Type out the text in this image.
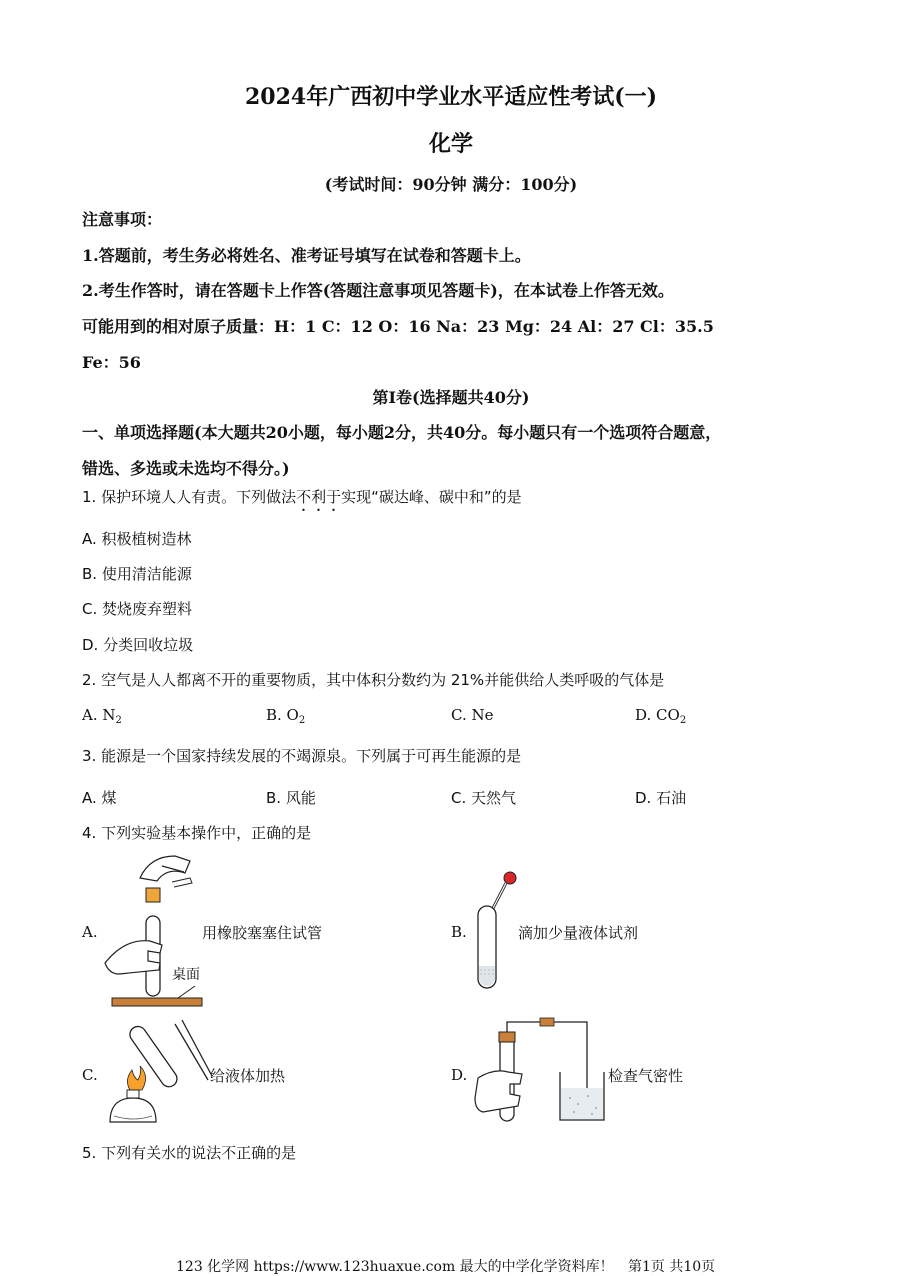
2024年广西初中学业水平适应性考试(一)
化学
(考试时间：90分钟 满分：100分)
注意事项：
1.答题前，考生务必将姓名、准考证号填写在试卷和答题卡上。
2.考生作答时，请在答题卡上作答(答题注意事项见答题卡)，在本试卷上作答无效。
可能用到的相对原子质量：H：1 C：12 O：16 Na：23 Mg：24 Al：27 Cl：35.5
Fe：56
第Ⅰ卷(选择题共40分)
一、单项选择题(本大题共20小题，每小题2分，共40分。每小题只有一个选项符合题意，
错选、多选或未选均不得分。)
1. 保护环境人人有责。下列做法不利于实现“碳达峰、碳中和”的是
A. 积极植树造林
B. 使用清洁能源
C. 焚烧废弃塑料
D. 分类回收垃圾
2. 空气是人人都离不开的重要物质，其中体积分数约为 21%并能供给人类呼吸的气体是
A. $N_2$	B. $O_2$	C. Ne	D. $CO_2$
3. 能源是一个国家持续发展的不竭源泉。下列属于可再生能源的是
A. 煤	B. 风能	C. 天然气	D. 石油
4. 下列实验基本操作中，正确的是
A.
桌面
用橡胶塞塞住试管	B.	滴加少量液体试剂
C.	给液体加热	D.	检查气密性
5. 下列有关水的说法不正确的是
123 化学网 https://www.123huaxue.com 最大的中学化学资料库！ 第1页 共10页
